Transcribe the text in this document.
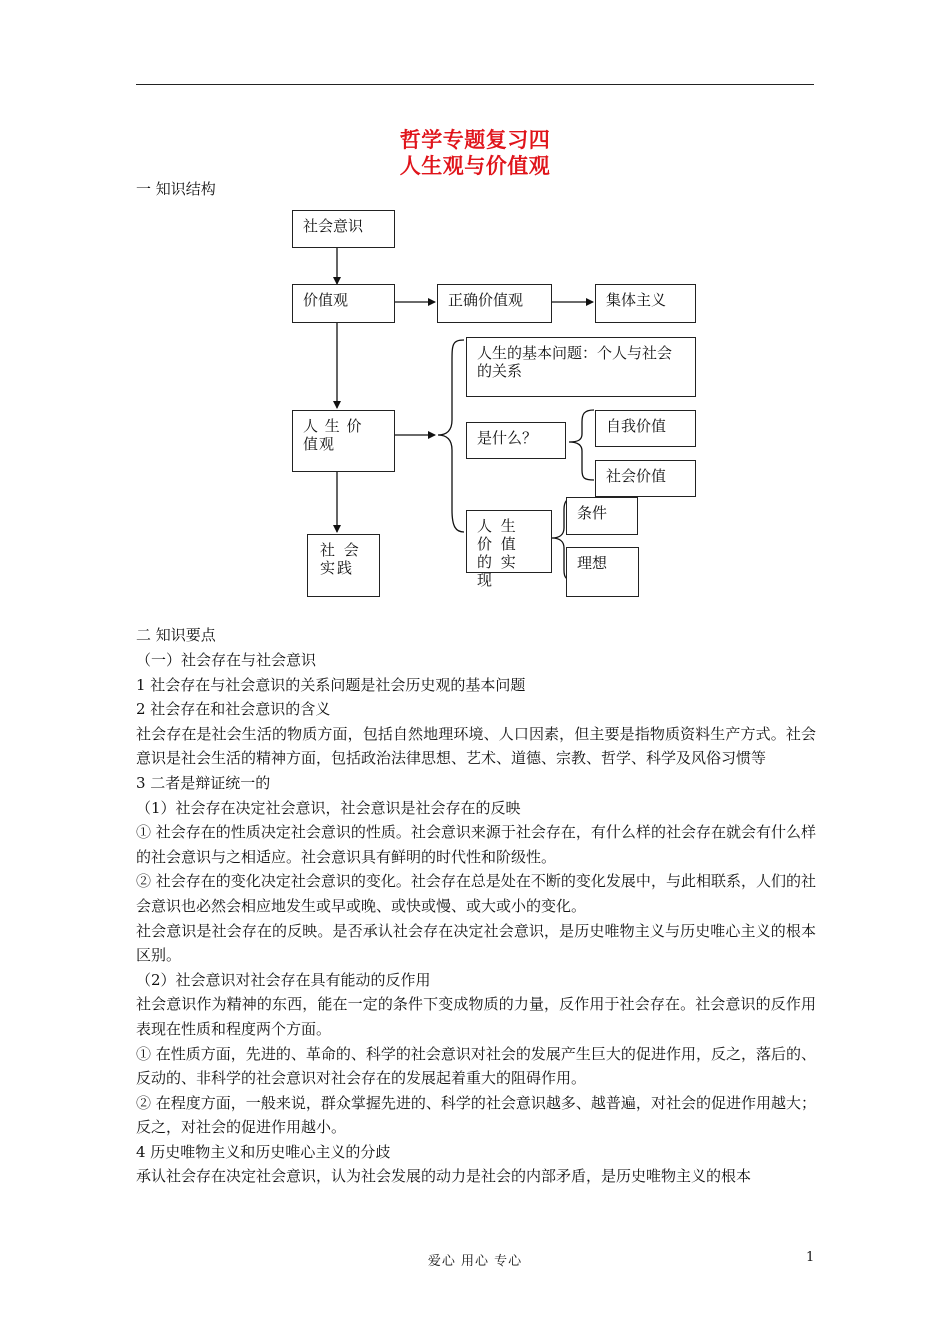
哲学专题复习四
人生观与价值观
一 知识结构
社会意识
价值观	正确价值观	集体主义
人生的基本问题：个人与社会的关系
人 生 价 值观	是什么？
自我价值
社会价值
人 生 价 值 的 实 现
条件
理想
社 会 实践
二 知识要点

（一）社会存在与社会意识

1 社会存在与社会意识的关系问题是社会历史观的基本问题

2 社会存在和社会意识的含义

社会存在是社会生活的物质方面，包括自然地理环境、人口因素，但主要是指物质资料生产方式。社会意识是社会生活的精神方面，包括政治法律思想、艺术、道德、宗教、哲学、科学及风俗习惯等

3 二者是辩证统一的

（1）社会存在决定社会意识，社会意识是社会存在的反映

① 社会存在的性质决定社会意识的性质。社会意识来源于社会存在，有什么样的社会存在就会有什么样的社会意识与之相适应。社会意识具有鲜明的时代性和阶级性。

② 社会存在的变化决定社会意识的变化。社会存在总是处在不断的变化发展中，与此相联系，人们的社会意识也必然会相应地发生或早或晚、或快或慢、或大或小的变化。

社会意识是社会存在的反映。是否承认社会存在决定社会意识，是历史唯物主义与历史唯心主义的根本区别。

（2）社会意识对社会存在具有能动的反作用

社会意识作为精神的东西，能在一定的条件下变成物质的力量，反作用于社会存在。社会意识的反作用表现在性质和程度两个方面。

① 在性质方面，先进的、革命的、科学的社会意识对社会的发展产生巨大的促进作用，反之，落后的、反动的、非科学的社会意识对社会存在的发展起着重大的阻碍作用。

② 在程度方面，一般来说，群众掌握先进的、科学的社会意识越多、越普遍，对社会的促进作用越大；反之，对社会的促进作用越小。

4 历史唯物主义和历史唯心主义的分歧

承认社会存在决定社会意识，认为社会发展的动力是社会的内部矛盾，是历史唯物主义的根本

爱心 用心 专心	1
